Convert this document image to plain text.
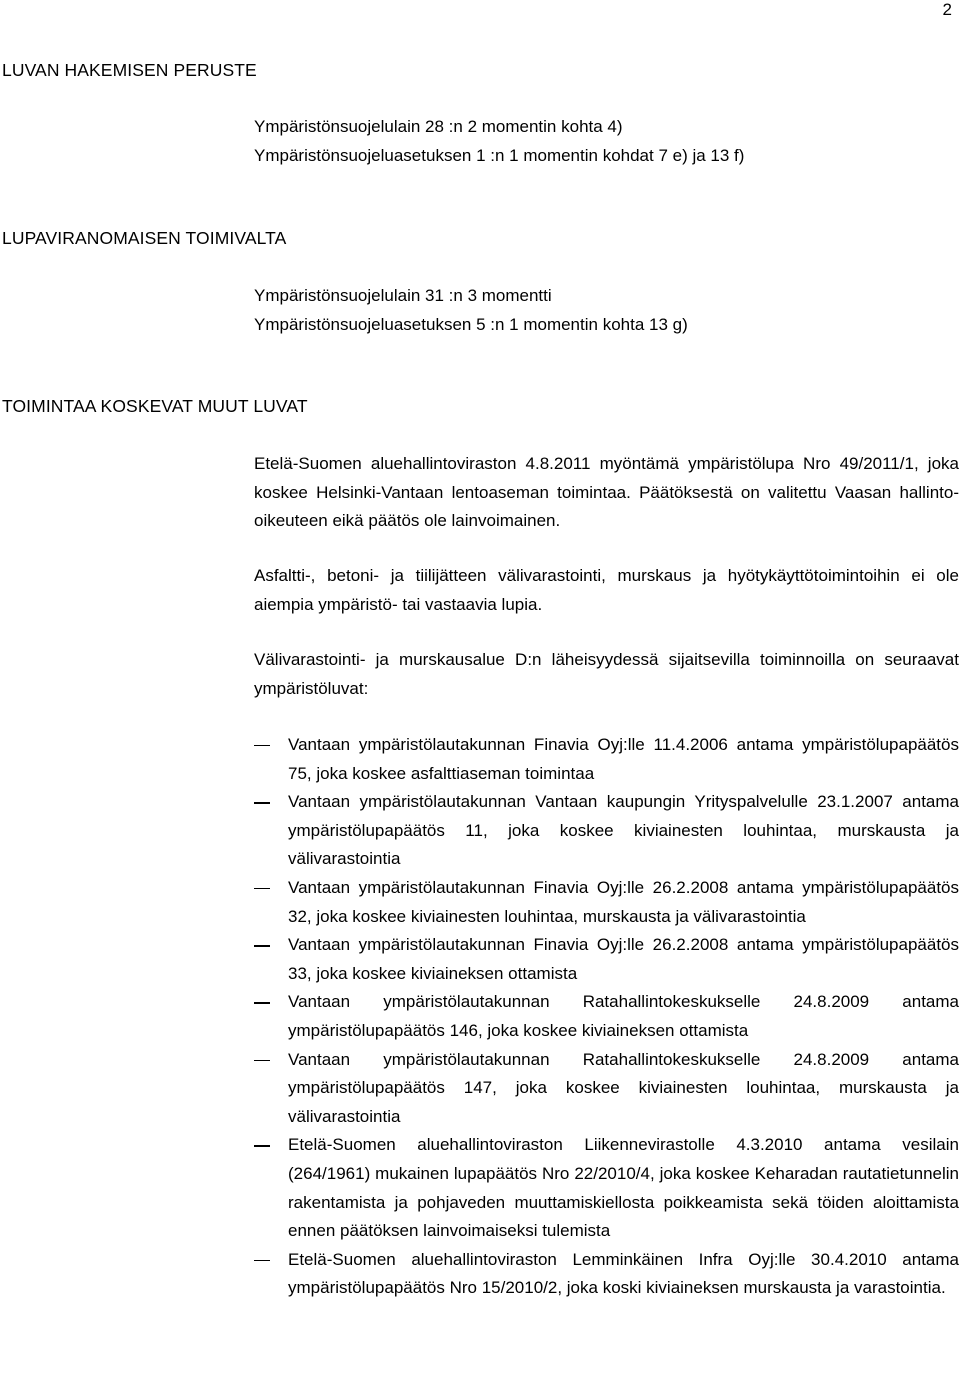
2
LUVAN HAKEMISEN PERUSTE
Ympäristönsuojelulain 28 :n 2 momentin kohta 4)
Ympäristönsuojeluasetuksen 1 :n 1 momentin kohdat 7 e) ja 13 f)
LUPAVIRANOMAISEN TOIMIVALTA
Ympäristönsuojelulain 31 :n 3 momentti
Ympäristönsuojeluasetuksen 5 :n 1 momentin kohta 13 g)
TOIMINTAA KOSKEVAT MUUT LUVAT

Etelä-Suomen aluehallintoviraston 4.8.2011 myöntämä ympäristölupa Nro 49/2011/1, joka koskee Helsinki-Vantaan lentoaseman toimintaa. Päätöksestä on valitettu Vaasan hallinto-oikeuteen eikä päätös ole lainvoimainen.

Asfaltti-, betoni- ja tiilijätteen välivarastointi, murskaus ja hyötykäyttötoimintoihin ei ole aiempia ympäristö- tai vastaavia lupia.

Välivarastointi- ja murskausalue D:n läheisyydessä sijaitsevilla toiminnoilla on seuraavat ympäristöluvat:

Vantaan ympäristölautakunnan Finavia Oyj:lle 11.4.2006 antama ympäristölupapäätös 75, joka koskee asfalttiaseman toimintaa
Vantaan ympäristölautakunnan Vantaan kaupungin Yrityspalvelulle 23.1.2007 antama ympäristölupapäätös 11, joka koskee kiviainesten louhintaa, murskausta ja välivarastointia
Vantaan ympäristölautakunnan Finavia Oyj:lle 26.2.2008 antama ympäristölupapäätös 32, joka koskee kiviainesten louhintaa, murskausta ja välivarastointia
Vantaan ympäristölautakunnan Finavia Oyj:lle 26.2.2008 antama ympäristölupapäätös 33, joka koskee kiviaineksen ottamista
Vantaan ympäristölautakunnan Ratahallintokeskukselle 24.8.2009 antama ympäristölupapäätös 146, joka koskee kiviaineksen ottamista
Vantaan ympäristölautakunnan Ratahallintokeskukselle 24.8.2009 antama ympäristölupapäätös 147, joka koskee kiviainesten louhintaa, murskausta ja välivarastointia
Etelä-Suomen aluehallintoviraston Liikennevirastolle 4.3.2010 antama vesilain (264/1961) mukainen lupapäätös Nro 22/2010/4, joka koskee Keharadan rautatietunnelin rakentamista ja pohjaveden muuttamiskiellosta poikkeamista sekä töiden aloittamista ennen päätöksen lainvoimaiseksi tulemista
Etelä-Suomen aluehallintoviraston Lemminkäinen Infra Oyj:lle 30.4.2010 antama ympäristölupapäätös Nro 15/2010/2, joka koski kiviaineksen murskausta ja varastointia.
